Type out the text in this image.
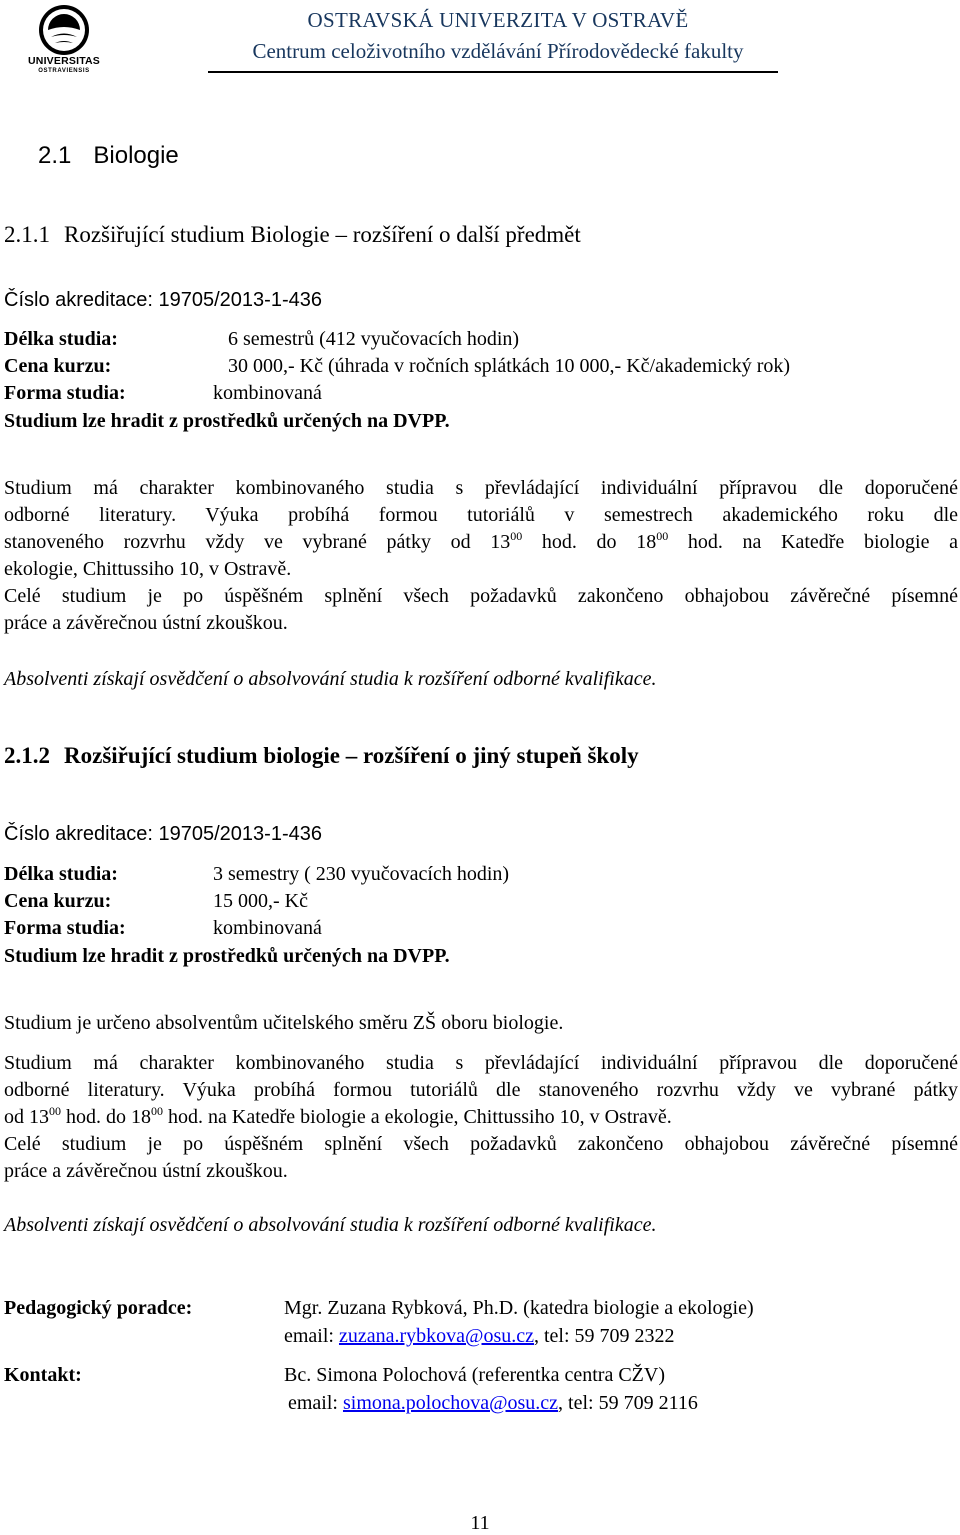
UNIVERSITAS
OSTRAVIENSIS
OSTRAVSKÁ UNIVERZITA V OSTRAVĚ
Centrum celoživotního vzdělávání Přírodovědecké fakulty
2.1 Biologie
2.1.1 Rozšiřující studium Biologie – rozšíření o další předmět
Číslo akreditace: 19705/2013-1-436
Délka studia:	6 semestrů (412 vyučovacích hodin)
Cena kurzu:	30 000,- Kč (úhrada v ročních splátkách 10 000,- Kč/akademický rok)
Forma studia:	kombinovaná
Studium lze hradit z prostředků určených na DVPP.
Studium má charakter kombinovaného studia s převládající individuální přípravou dle doporučené
odborné literatury. Výuka probíhá formou tutoriálů v semestrech akademického roku dle
stanoveného rozvrhu vždy ve vybrané pátky od $13^{00}$ hod. do $18^{00}$ hod. na Katedře biologie a
ekologie, Chittussiho 10, v Ostravě.
Celé studium je po úspěšném splnění všech požadavků zakončeno obhajobou závěrečné písemné
práce a závěrečnou ústní zkouškou.
Absolventi získají osvědčení o absolvování studia k rozšíření odborné kvalifikace.
2.1.2 Rozšiřující studium biologie – rozšíření o jiný stupeň školy
Číslo akreditace: 19705/2013-1-436
Délka studia:	3 semestry ( 230 vyučovacích hodin)
Cena kurzu:	15 000,- Kč
Forma studia:	kombinovaná
Studium lze hradit z prostředků určených na DVPP.
Studium je určeno absolventům učitelského směru ZŠ oboru biologie.
Studium má charakter kombinovaného studia s převládající individuální přípravou dle doporučené
odborné literatury. Výuka probíhá formou tutoriálů dle stanoveného rozvrhu vždy ve vybrané pátky
od $13^{00}$ hod. do $18^{00}$ hod. na Katedře biologie a ekologie, Chittussiho 10, v Ostravě.
Celé studium je po úspěšném splnění všech požadavků zakončeno obhajobou závěrečné písemné
práce a závěrečnou ústní zkouškou.
Absolventi získají osvědčení o absolvování studia k rozšíření odborné kvalifikace.
Pedagogický poradce:	Mgr. Zuzana Rybková, Ph.D. (katedra biologie a ekologie)
email: zuzana.rybkova@osu.cz, tel: 59 709 2322
Kontakt:	Bc. Simona Polochová (referentka centra CŽV)
email: simona.polochova@osu.cz, tel: 59 709 2116
11
